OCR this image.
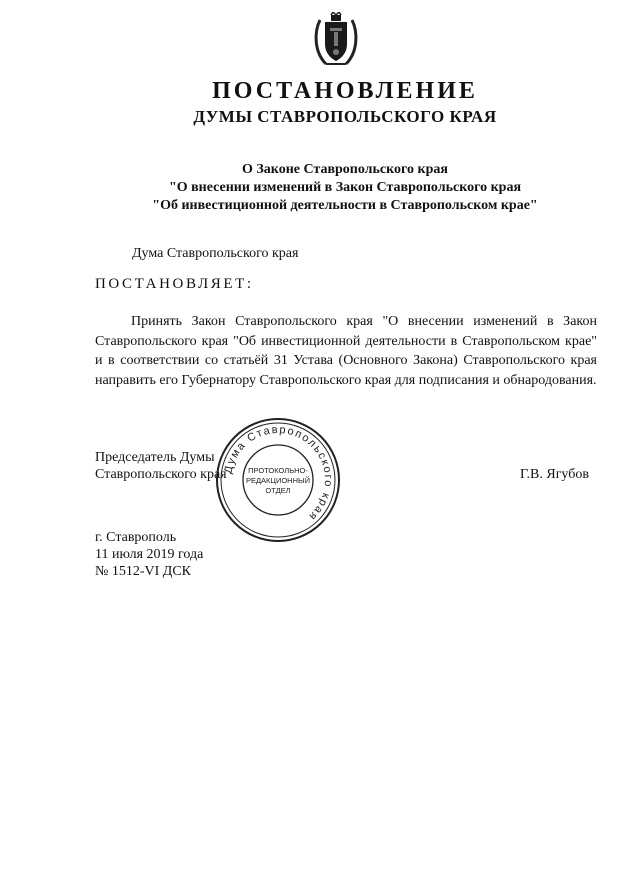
ПОСТАНОВЛЕНИЕ
ДУМЫ СТАВРОПОЛЬСКОГО КРАЯ
О Законе Ставропольского края
"О внесении изменений в Закон Ставропольского края
"Об инвестиционной деятельности в Ставропольском крае"
Дума Ставропольского края
ПОСТАНОВЛЯЕТ:

Принять Закон Ставропольского края "О внесении изменений в Закон Ставропольского края "Об инвестиционной деятельности в Ставропольском крае" и в соответствии со статьёй 31 Устава (Основного Закона) Ставропольского края направить его Губернатору Ставропольского края для подписания и обнародования.

Председатель Думы
Ставропольского края	Г.В. Ягубов
Дума Ставропольского края
ПРОТОКОЛЬНО-
РЕДАКЦИОННЫЙ
ОТДЕЛ
г. Ставрополь
11 июля 2019 года
№ 1512-VI ДСК
